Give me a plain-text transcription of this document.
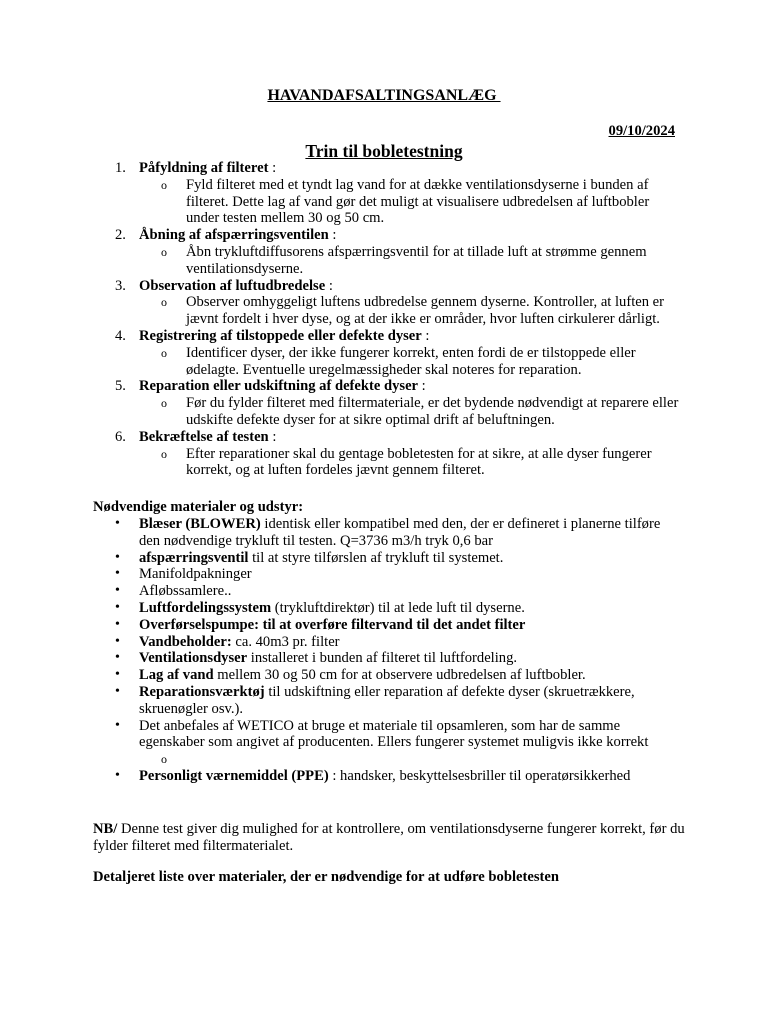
HAVANDAFSALTINGSANLÆG
09/10/2024
Trin til bobletestning
1. Påfyldning af filteret :
o Fyld filteret med et tyndt lag vand for at dække ventilationsdyserne i bunden af filteret. Dette lag af vand gør det muligt at visualisere udbredelsen af luftbobler under testen mellem 30 og 50 cm.
2. Åbning af afspærringsventilen :
o Åbn trykluftdiffusorens afspærringsventil for at tillade luft at strømme gennem ventilationsdyserne.
3. Observation af luftudbredelse :
o Observer omhyggeligt luftens udbredelse gennem dyserne. Kontroller, at luften er jævnt fordelt i hver dyse, og at der ikke er områder, hvor luften cirkulerer dårligt.
4. Registrering af tilstoppede eller defekte dyser :
o Identificer dyser, der ikke fungerer korrekt, enten fordi de er tilstoppede eller ødelagte. Eventuelle uregelmæssigheder skal noteres for reparation.
5. Reparation eller udskiftning af defekte dyser :
o Før du fylder filteret med filtermateriale, er det bydende nødvendigt at reparere eller udskifte defekte dyser for at sikre optimal drift af beluftningen.
6. Bekræftelse af testen :
o Efter reparationer skal du gentage bobletesten for at sikre, at alle dyser fungerer korrekt, og at luften fordeles jævnt gennem filteret.
Nødvendige materialer og udstyr:
• Blæser (BLOWER) identisk eller kompatibel med den, der er defineret i planerne tilføre den nødvendige trykluft til testen. Q=3736 m3/h tryk 0,6 bar
• afspærringsventil til at styre tilførslen af trykluft til systemet.
• Manifoldpakninger
• Afløbssamlere..
• Luftfordelingssystem (trykluftdirektør) til at lede luft til dyserne.
• Overførselspumpe: til at overføre filtervand til det andet filter
• Vandbeholder: ca. 40m3 pr. filter
• Ventilationsdyser installeret i bunden af filteret til luftfordeling.
• Lag af vand mellem 30 og 50 cm for at observere udbredelsen af luftbobler.
• Reparationsværktøj til udskiftning eller reparation af defekte dyser (skruetrækkere, skruenøgler osv.).
• Det anbefales af WETICO at bruge et materiale til opsamleren, som har de samme egenskaber som angivet af producenten. Ellers fungerer systemet muligvis ikke korrekt
o
• Personligt værnemiddel (PPE) : handsker, beskyttelsesbriller til operatørsikkerhed
NB/ Denne test giver dig mulighed for at kontrollere, om ventilationsdyserne fungerer korrekt, før du fylder filteret med filtermaterialet.
Detaljeret liste over materialer, der er nødvendige for at udføre bobletesten
